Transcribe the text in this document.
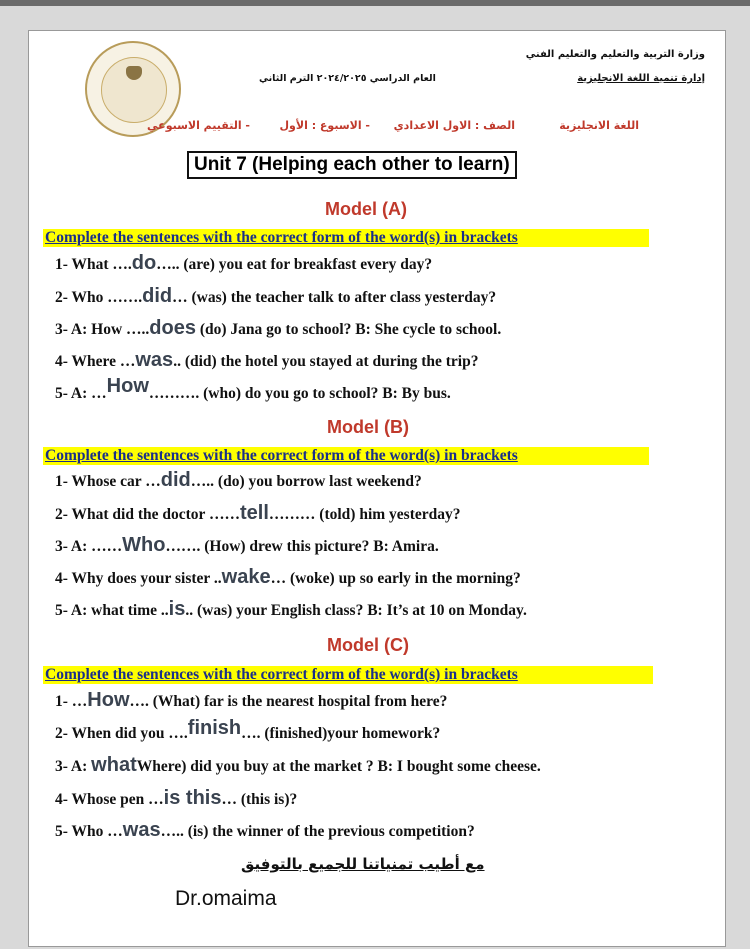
وزارة التربية والتعليم والتعليم الفني
إدارة تنمية اللغة الانجليزية
العام الدراسي ٢٠٢٤/٢٠٢٥ الترم الثاني
اللغة الانجليزية
الصف : الاول الاعدادي
- الاسبوع : الأول
- التقييم الاسبوعي
Unit 7 (Helping each other to learn)
Model (A)
Complete the sentences with the correct form of the word(s) in brackets
1- What ….do….. (are) you eat for breakfast every day?
2- Who …….did… (was) the teacher talk to after class yesterday?
3- A: How …..does (do) Jana go to school? B: She cycle to school.
4- Where …was.. (did) the hotel you stayed at during the trip?
5- A: …How………. (who) do you go to school? B: By bus.
Model (B)
Complete the sentences with the correct form of the word(s) in brackets
1- Whose car …did….. (do) you borrow last weekend?
2- What did the doctor ……tell……… (told) him yesterday?
3- A: ……Who……. (How) drew this picture? B: Amira.
4- Why does your sister ..wake… (woke) up so early in the morning?
5- A: what time ..is.. (was) your English class? B: It’s at 10 on Monday.
Model (C)
Complete the sentences with the correct form of the word(s) in brackets
1- …How…. (What) far is the nearest hospital from here?
2- When did you ….finish…. (finished)your homework?
3- A: whatWhere) did you buy at the market ? B: I bought some cheese.
4- Whose pen …is this… (this is)?
5- Who …was….. (is) the winner of the previous competition?
مع أطيب تمنياتنا للجميع بالتوفيق
Dr.omaima
